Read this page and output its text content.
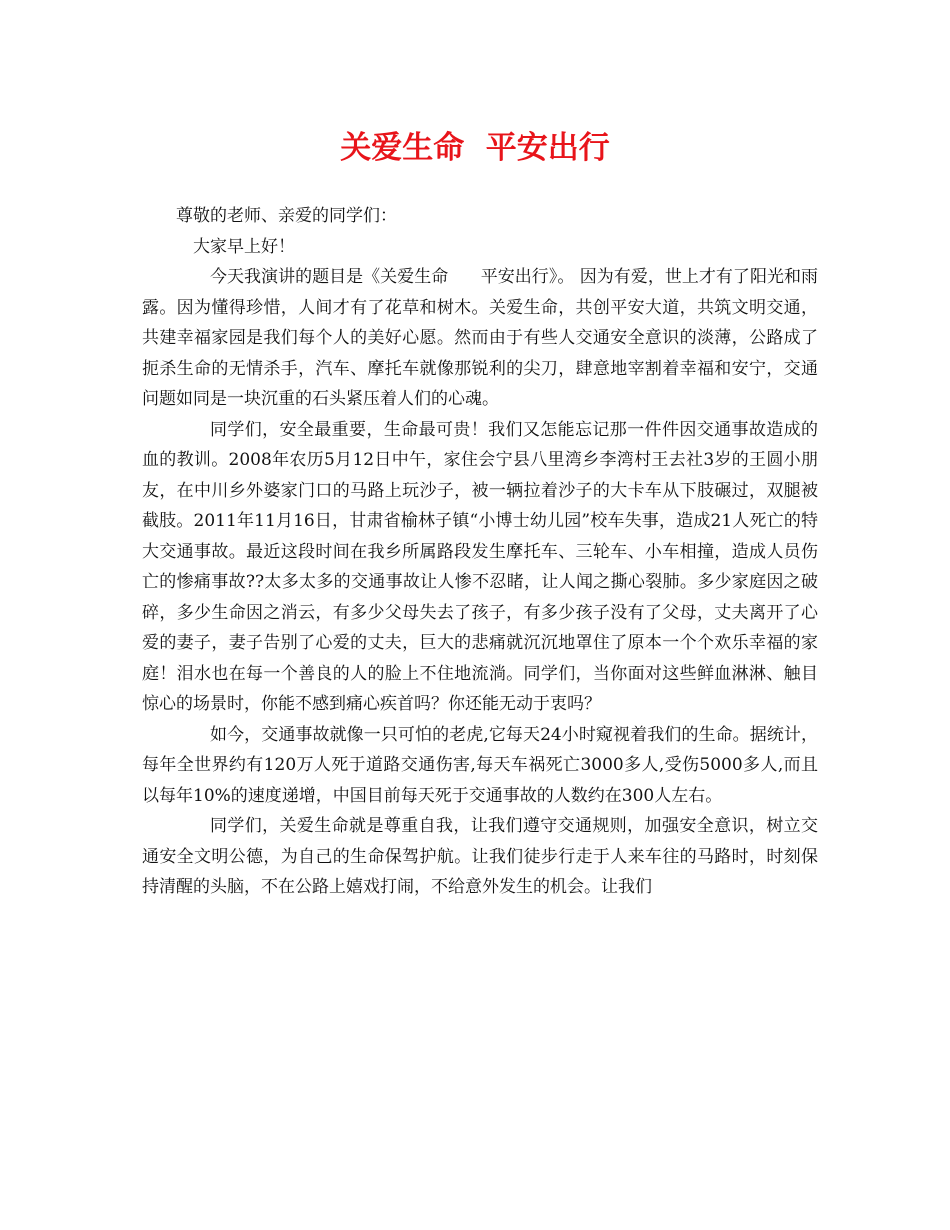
关爱生命  平安出行

尊敬的老师、亲爱的同学们：

大家早上好！

今天我演讲的题目是《关爱生命      平安出行》。 因为有爱，世上才有了阳光和雨露。因为懂得珍惜，人间才有了花草和树木。关爱生命，共创平安大道，共筑文明交通，共建幸福家园是我们每个人的美好心愿。然而由于有些人交通安全意识的淡薄，公路成了扼杀生命的无情杀手，汽车、摩托车就像那锐利的尖刀，肆意地宰割着幸福和安宁，交通问题如同是一块沉重的石头紧压着人们的心魂。

同学们，安全最重要，生命最可贵！我们又怎能忘记那一件件因交通事故造成的血的教训。2008年农历5月12日中午，家住会宁县八里湾乡李湾村王去社3岁的王圆小朋友，在中川乡外婆家门口的马路上玩沙子，被一辆拉着沙子的大卡车从下肢碾过，双腿被截肢。2011年11月16日，甘肃省榆林子镇“小博士幼儿园”校车失事，造成21人死亡的特大交通事故。最近这段时间在我乡所属路段发生摩托车、三轮车、小车相撞，造成人员伤亡的惨痛事故??太多太多的交通事故让人惨不忍睹，让人闻之撕心裂肺。多少家庭因之破碎，多少生命因之消云，有多少父母失去了孩子，有多少孩子没有了父母，丈夫离开了心爱的妻子，妻子告别了心爱的丈夫，巨大的悲痛就沉沉地罩住了原本一个个欢乐幸福的家庭！泪水也在每一个善良的人的脸上不住地流淌。同学们，当你面对这些鲜血淋淋、触目惊心的场景时，你能不感到痛心疾首吗？你还能无动于衷吗？

如今，交通事故就像一只可怕的老虎,它每天24小时窥视着我们的生命。据统计，每年全世界约有120万人死于道路交通伤害,每天车祸死亡3000多人,受伤5000多人,而且以每年10%的速度递增，中国目前每天死于交通事故的人数约在300人左右。

同学们，关爱生命就是尊重自我，让我们遵守交通规则，加强安全意识，树立交通安全文明公德，为自己的生命保驾护航。让我们徒步行走于人来车往的马路时，时刻保持清醒的头脑，不在公路上嬉戏打闹，不给意外发生的机会。让我们
